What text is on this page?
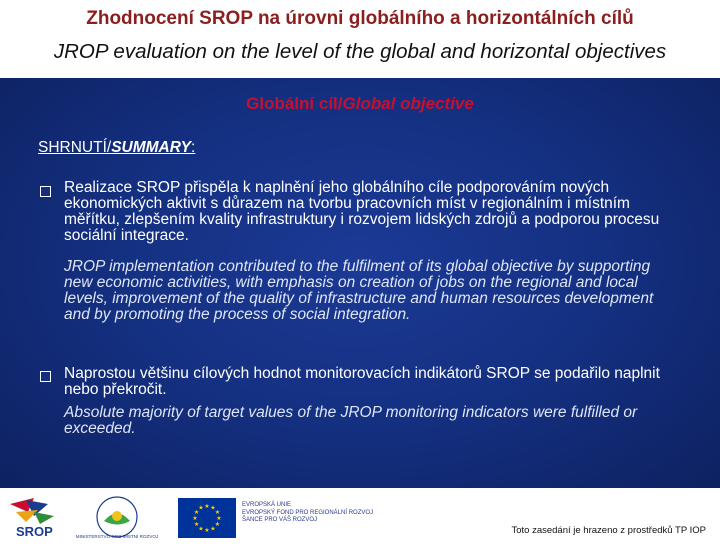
Zhodnocení SROP na úrovni globálního a horizontálních cílů
JROP evaluation on the level of the global and horizontal objectives
Globální cíl/Global objective
SHRNUTÍ/SUMMARY:

Realizace SROP přispěla k naplnění jeho globálního cíle podporováním nových ekonomických aktivit s důrazem na tvorbu pracovních míst v regionálním i místním měřítku, zlepšením kvality infrastruktury i rozvojem lidských zdrojů a podporou procesu sociální integrace.

JROP implementation contributed to the fulfilment of its global objective by supporting new economic activities, with emphasis on creation of jobs on the regional and local levels, improvement of the quality of infrastructure and human resources development and by promoting the process of social integration.

Naprostou většinu cílových hodnot monitorovacích indikátorů SROP se podařilo naplnit nebo překročit.

Absolute majority of target values of the JROP monitoring indicators were fulfilled or exceeded.

SROP	MINISTERSTVO PRO MÍSTNÍ ROZVOJ
★ ★
★
★
★
★
★
★
★
★
★
★	EVROPSKÁ UNIE
EVROPSKÝ FOND PRO REGIONÁLNÍ ROZVOJ
ŠANCE PRO VÁŠ ROZVOJ
Toto zasedání je hrazeno z prostředků TP IOP
